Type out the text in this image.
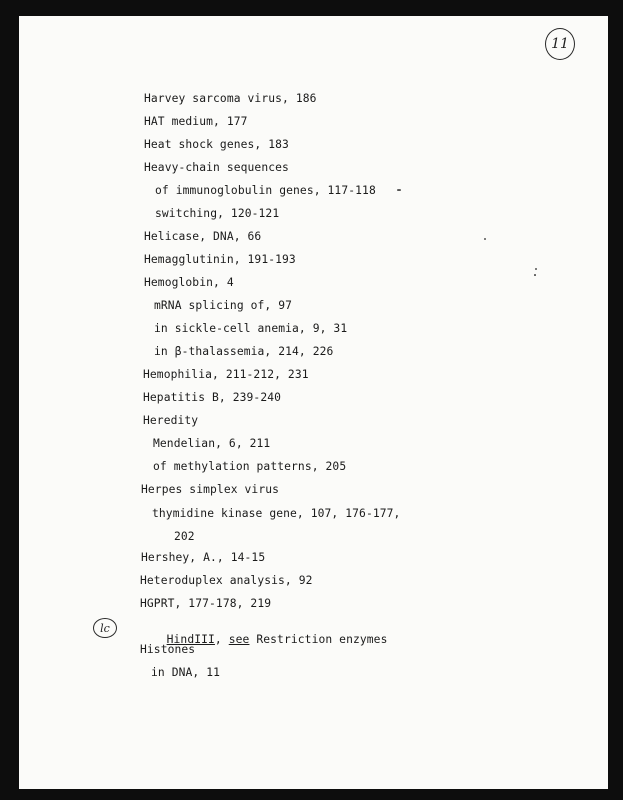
11
Harvey sarcoma virus, 186
HAT medium, 177
Heat shock genes, 183
Heavy-chain sequences
of immunoglobulin genes, 117-118
switching, 120-121
Helicase, DNA, 66
Hemagglutinin, 191-193
Hemoglobin, 4
mRNA splicing of, 97
in sickle-cell anemia, 9, 31
in β-thalassemia, 214, 226
Hemophilia, 211-212, 231
Hepatitis B, 239-240
Heredity
Mendelian, 6, 211
of methylation patterns, 205
Herpes simplex virus
thymidine kinase gene, 107, 176-177,
202
Hershey, A., 14-15
Heteroduplex analysis, 92
HGPRT, 177-178, 219

HindIII, see Restriction enzymes

Histones
in DNA, 11
lc
